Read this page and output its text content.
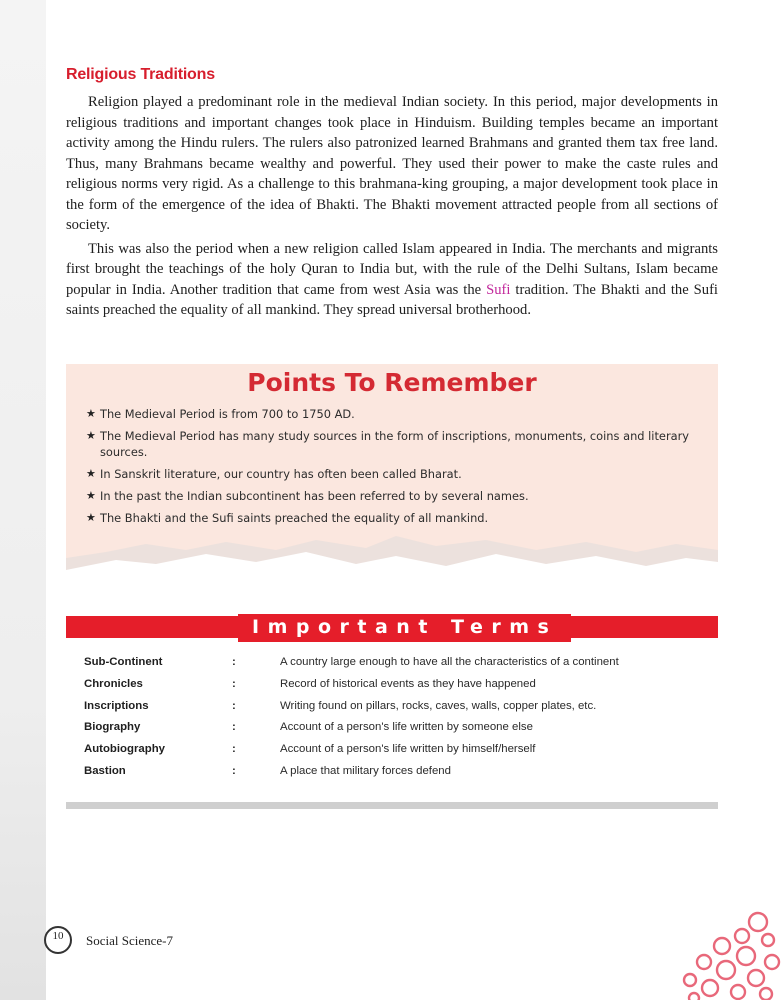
Religious Traditions

Religion played a predominant role in the medieval Indian society. In this period, major developments in religious traditions and important changes took place in Hinduism. Building temples became an important activity among the Hindu rulers. The rulers also patronized learned Brahmans and granted them tax free land. Thus, many Brahmans became wealthy and powerful. They used their power to make the caste rules and religious norms very rigid. As a challenge to this brahmana-king grouping, a major development took place in the form of the emergence of the idea of Bhakti. The Bhakti movement attracted people from all sections of society.

This was also the period when a new religion called Islam appeared in India. The merchants and migrants first brought the teachings of the holy Quran to India but, with the rule of the Delhi Sultans, Islam became popular in India. Another tradition that came from west Asia was the Sufi tradition. The Bhakti and the Sufi saints preached the equality of all mankind. They spread universal brotherhood.

Points To Remember
★ The Medieval Period is from 700 to 1750 AD.
★ The Medieval Period has many study sources in the form of inscriptions, monuments, coins and literary sources.
★ In Sanskrit literature, our country has often been called Bharat.
★ In the past the Indian subcontinent has been referred to by several names.
★ The Bhakti and the Sufi saints preached the equality of all mankind.
Important Terms
Sub-Continent	:	A country large enough to have all the characteristics of a continent
Chronicles	:	Record of historical events as they have happened
Inscriptions	:	Writing found on pillars, rocks, caves, walls, copper plates, etc.
Biography	:	Account of a person's life written by someone else
Autobiography	:	Account of a person's life written by himself/herself
Bastion	:	A place that military forces defend
10	Social Science-7
